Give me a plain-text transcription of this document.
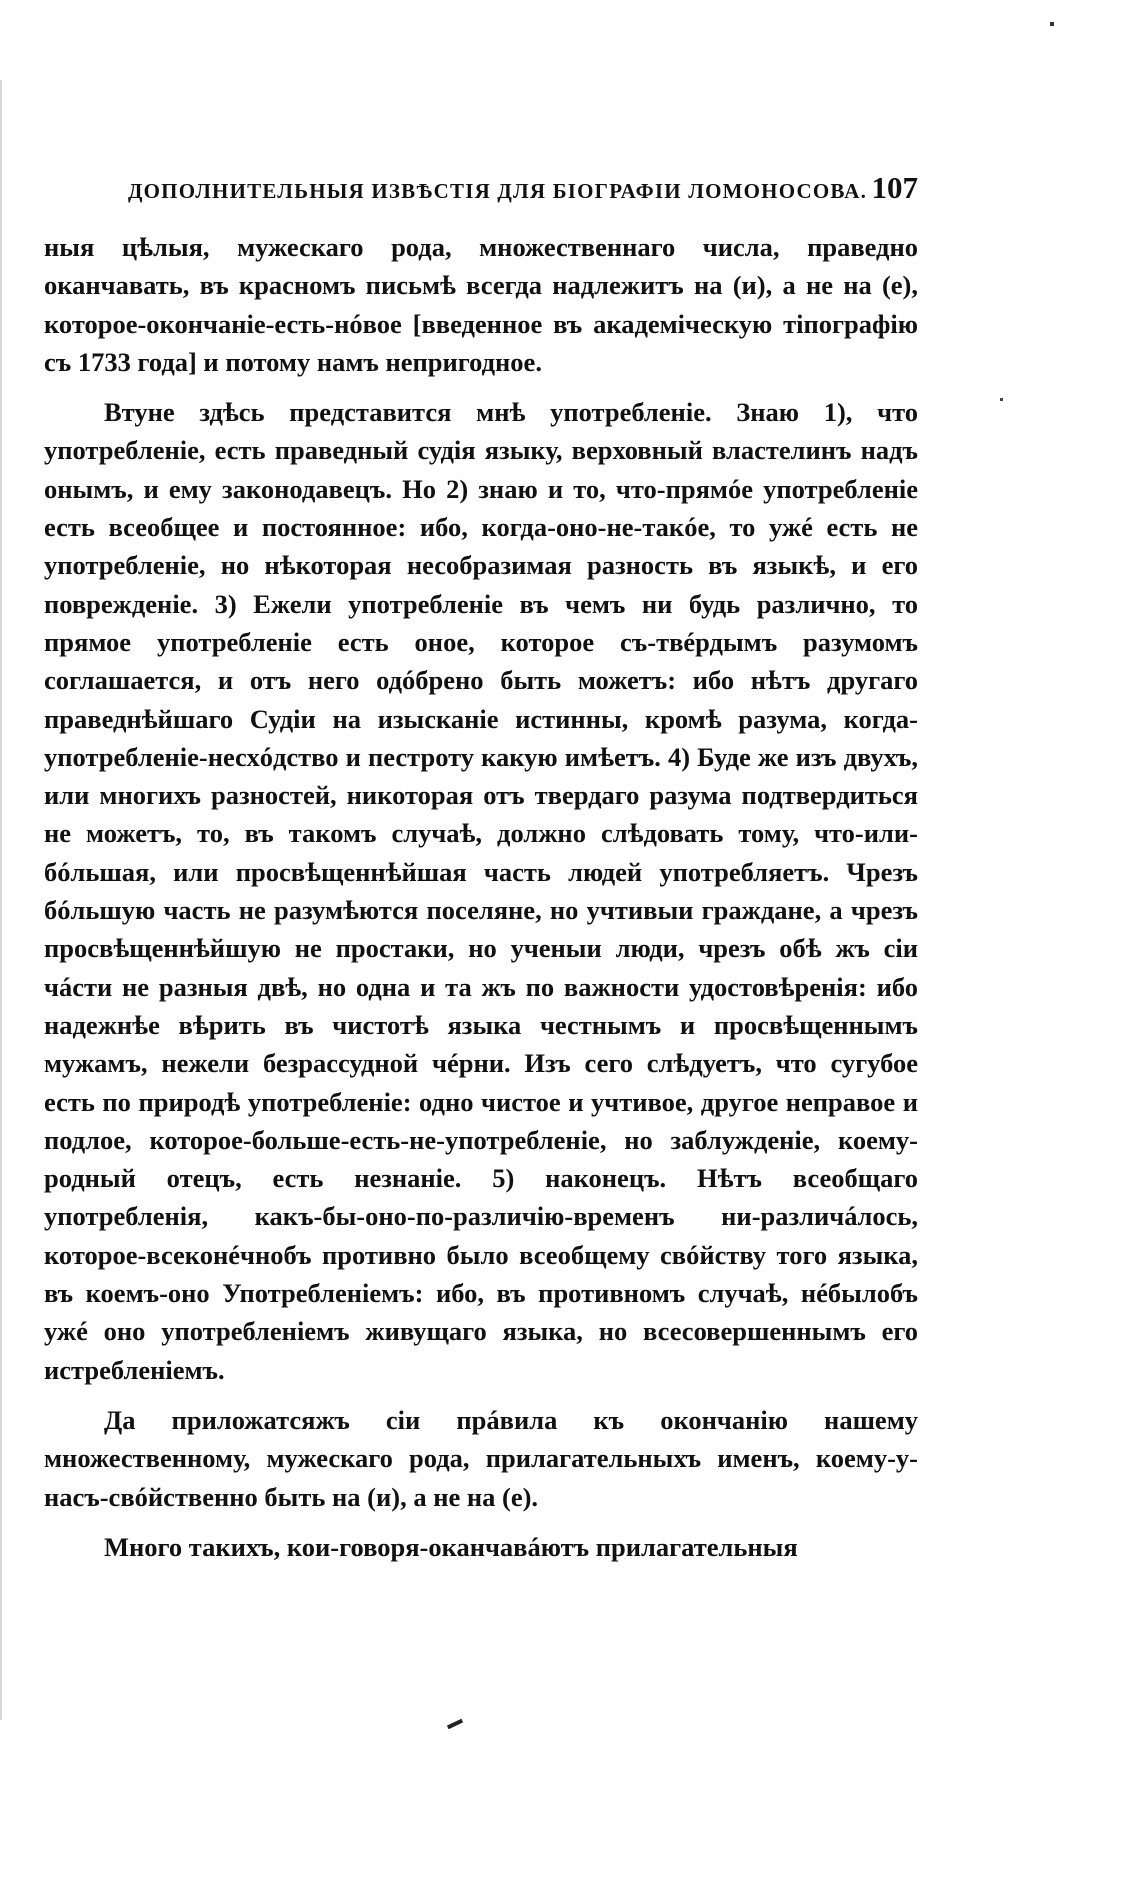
ДОПОЛНИТЕЛЬНЫЯ ИЗВѢСТІЯ ДЛЯ БІОГРАФІИ ЛОМОНОСОВА. 107

ныя цѣлыя, мужескаго рода, множественнаго числа, праведно оканчавать, въ красномъ письмѣ всегда надлежитъ на (и), а не на (е), которое-окончаніе-есть-нóвое [введенное въ академіческую тіпографію съ 1733 года] и потому намъ непригодное.

Втуне здѣсь представится мнѣ употребленіе. Знаю 1), что употребленіе, есть праведный судія языку, верховный властелинъ надъ онымъ, и ему законодавецъ. Но 2) знаю и то, что-прямóе употребленіе есть всеобщее и постоянное: ибо, когда-оно-не-такóе, то ужé есть не употребленіе, но нѣкоторая несобразимая разность въ языкѣ, и его поврежденіе. 3) Ежели употребленіе въ чемъ ни будь различно, то прямое употребленіе есть оное, которое съ-твéрдымъ разумомъ соглашается, и отъ него одóбрено быть можетъ: ибо нѣтъ другаго праведнѣйшаго Судіи на изысканіе истинны, кромѣ разума, когда-употребленіе-несхóдство и пестроту какую имѣетъ. 4) Буде же изъ двухъ, или многихъ разностей, никоторая отъ твердаго разума подтвердиться не можетъ, то, въ такомъ случаѣ, должно слѣдовать тому, что-или-бóльшая, или просвѣщеннѣйшая часть людей употребляетъ. Чрезъ бóльшую часть не разумѣются поселяне, но учтивыи граждане, а чрезъ просвѣщеннѣйшую не простаки, но ученыи люди, чрезъ обѣ жъ сіи чáсти не разныя двѣ, но одна и та жъ по важности удостовѣренія: ибо надежнѣе вѣрить въ чистотѣ языка честнымъ и просвѣщеннымъ мужамъ, нежели безрассудной чéрни. Изъ сего слѣдуетъ, что сугубое есть по природѣ употребленіе: одно чистое и учтивое, другое неправое и подлое, которое-больше-есть-не-употребленіе, но заблужденіе, коему-родный отецъ, есть незнаніе. 5) наконецъ. Нѣтъ всеобщаго употребленія, какъ-бы-оно-по-различію-временъ ни-различáлось, которое-всеконéчнобъ противно было всеобщему свóйству того языка, въ коемъ-оно Употребленіемъ: ибо, въ противномъ случаѣ, нéбылобъ ужé оно употребленіемъ живущаго языка, но всесовершеннымъ его истребленіемъ.

Да приложатсяжъ сіи прáвила къ окончанію нашему множественному, мужескаго рода, прилагательныхъ именъ, коему-у-насъ-свóйственно быть на (и), а не на (е).

Много такихъ, кои-говоря-оканчавáютъ прилагательныя
